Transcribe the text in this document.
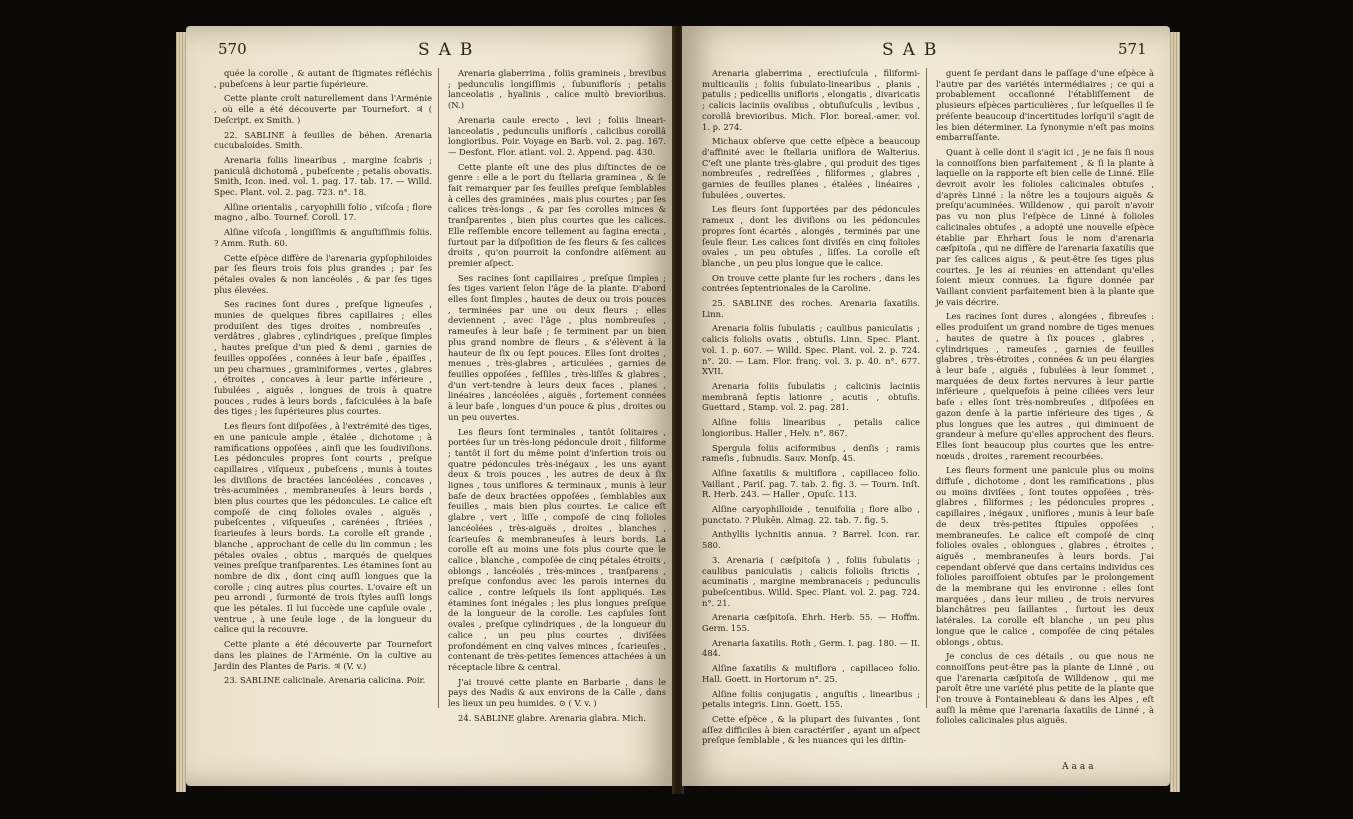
570	SAB

quée la corolle , & autant de ſtigmates réfléchis , pubeſcens à leur partie ſupérieure.

Cette plante croît naturellement dans l'Arménie , où elle a été découverte par Tournefort. ♃ ( Deſcript. ex Smith. )

22. SABLINE à feuilles de béhen. Arenaria cucubaloides. Smith.

Arenaria foliis linearibus , margine ſcabris ; paniculâ dichotomâ , pubeſcente ; petalis obovatis. Smith, Icon. ined. vol. 1. pag. 17. tab. 17. — Willd. Spec. Plant. vol. 2. pag. 723. n°. 18.

Alſine orientalis , caryophilli folio , viſcoſa ; flore magno , albo. Tournef. Coroll. 17.

Alſine viſcoſa , longiſſimis & anguſtiſſimis foliis. ? Amm. Ruth. 60.

Cette eſpèce diffère de l'arenaria gypſophiloides par ſes fleurs trois fois plus grandes ; par ſes pétales ovales & non lancéolés , & par ſes tiges plus élevées.

Ses racines ſont dures , preſque ligneuſes , munies de quelques fibres capillaires ; elles produiſent des tiges droites , nombreuſes , verdâtres , glabres , cylindriques , preſque ſimples , hautes preſque d'un pied & demi , garnies de feuilles oppoſées , connées à leur baſe , épaiſſes , un peu charnues , graminiformes , vertes , glabres , étroites , concaves à leur partie inférieure , ſubulées , aiguës , longues de trois à quatre pouces , rudes à leurs bords , faſciculées à la baſe des tiges ; les ſupérieures plus courtes.

Les fleurs ſont diſpoſées , à l'extrémité des tiges, en une panicule ample , étalée , dichotome ; à ramifications oppoſées , ainſi que les ſoudiviſions. Les pédoncules propres ſont courts , preſque capillaires , viſqueux , pubeſcens , munis à toutes les diviſions de bractées lancéolées , concaves , très-acuminées , membraneuſes à leurs bords , bien plus courtes que les pédoncules. Le calice eſt compoſé de cinq folioles ovales , aiguës , pubeſcentes , viſqueuſes , carénées , ſtriées , ſcarieuſes à leurs bords. La corolle eſt grande , blanche , approchant de celle du lin commun ; les pétales ovales , obtus , marqués de quelques veines preſque tranſparentes. Les étamines ſont au nombre de dix , dont cinq auſſi longues que la corolle ; cinq autres plus courtes. L'ovaire eſt un peu arrondi , ſurmonté de trois ſtyles auſſi longs que les pétales. Il lui ſuccède une capſule ovale , ventrue , à une ſeule loge , de la longueur du calice qui la recouvre.

Cette plante a été découverte par Tournefort dans les plaines de l'Arménie. On la cultive au Jardin des Plantes de Paris. ♃ (V. v.)

23. SABLINE calicinale. Arenaria calicina. Poir.

Arenaria glaberrima , foliis gramineis , brevibus ; pedunculis longiſſimis , ſubuniflorís ; petalis lanceolatis , hyalinis , calice multò brevioribus. (N.)

Arenaria caule erecto , levi ; foliis lineari-lanceolatis , pedunculis uniflorís , calicibus corollâ longioribus. Poir. Voyage en Barb. vol. 2. pag. 167. — Desfont. Flor. atlant. vol. 2. Append. pag. 430.

Cette plante eſt une des plus diſtinctes de ce genre : elle a le port du ſtellaria graminea , & ſe fait remarquer par ſes feuilles preſque ſemblables à celles des graminées , mais plus courtes ; par ſes calices très-longs , & par ſes corolles minces & tranſparentes , bien plus courtes que les calices. Elle reſſemble encore tellement au ſagina erecta , ſurtout par la diſpoſition de ſes fleurs & ſes calices droits , qu'on pourroit la confondre aiſément au premier aſpect.

Ses racines ſont capillaires , preſque ſimples ; ſes tiges varient ſelon l'âge de la plante. D'abord elles ſont ſimples , hautes de deux ou trois pouces , terminées par une ou deux fleurs ; elles deviennent , avec l'âge , plus nombreuſes , rameuſes à leur baſe ; ſe terminent par un bien plus grand nombre de fleurs , & s'élèvent à la hauteur de ſix ou ſept pouces. Elles ſont droites , menues , très-glabres , articulées , garnies de feuilles oppoſées , ſeſſiles , très-liſſes & glabres , d'un vert-tendre à leurs deux faces , planes , linéaires , lancéolées , aiguës , fortement connées à leur baſe , longues d'un pouce & plus , droites ou un peu ouvertes.

Les fleurs ſont terminales , tantôt ſolitaires , portées ſur un très-long pédoncule droit , filiforme ; tantôt il ſort du même point d'inſertion trois ou quatre pédoncules très-inégaux , les uns ayant deux & trois pouces , les autres de deux à ſix lignes , tous uniflores & terminaux , munis à leur baſe de deux bractées oppoſées , ſemblables aux feuilles , mais bien plus courtes. Le calice eſt glabre , vert , liſſe , compoſé de cinq folioles lancéolées , très-aiguës , droites , blanches , ſcarieuſes & membraneuſes à leurs bords. La corolle eſt au moins une fois plus courte que le calice , blanche , compoſée de cinq pétales étroits , oblongs , lancéolés , très-minces , tranſparens , preſque confondus avec les parois internes du calice , contre leſquels ils ſont appliqués. Les étamines ſont inégales ; les plus longues preſque de la longueur de la corolle. Les capſules ſont ovales , preſque cylindriques , de la longueur du calice , un peu plus courtes , diviſées profondément en cinq valves minces , ſcarieuſes , contenant de très-petites ſemences attachées à un réceptacle libre & central.

J'ai trouvé cette plante en Barbarie , dans le pays des Nadis & aux environs de la Calle , dans les lieux un peu humides. ⊙ ( V. v. )

24. SABLINE glabre. Arenaria glabra. Mich.

SAB	571

Arenaria glaberrima , erectiuſcula , filiformi-multicaulis ; foliis ſubulato-linearibus , planis , patulis ; pedicellis unifloris , elongatis , divaricatis ; calicis laciniis ovalibus , obtuſiuſculis , levibus , corollâ brevioribus. Mich. Flor. boreal.-amer. vol. 1. p. 274.

Michaux obſerve que cette eſpèce a beaucoup d'affinité avec le ſtellaria uniflora de Walterius. C'eſt une plante très-glabre , qui produit des tiges nombreuſes , redreſſées , filiformes , glabres , garnies de feuilles planes , étalées , linéaires , ſubulées , ouvertes.

Les fleurs ſont ſupportées par des pédoncules rameux , dont les diviſions ou les pédoncules propres ſont écartés , alongés , terminés par une ſeule fleur. Les calices ſont diviſés en cinq folioles ovales , un peu obtuſes , liſſes. La corolle eſt blanche , un peu plus longue que le calice.

On trouve cette plante ſur les rochers , dans les contrées ſeptentrionales de la Caroline.

25. SABLINE des roches. Arenaria ſaxatilis. Linn.

Arenaria foliis ſubulatis ; caulibus paniculatis ; calicis foliolis ovatis , obtuſis. Linn. Spec. Plant. vol. 1. p. 607. — Willd. Spec. Plant. vol. 2. p. 724. n°. 20. — Lam. Flor. franç. vol. 3. p. 40. n°. 677. XVII.

Arenaria foliis ſubulatis ; calicinis laciniis membranâ ſeptis lationre , acutis , obtuſis. Guettard , Stamp. vol. 2. pag. 281.

Alſine foliis linearibus , petalis calice longioribus. Haller , Helv. n°. 867.

Spergula foliis aciformibus , denſis ; ramis rameſis , ſubnudis. Sauv. Monſp. 45.

Alſine ſaxatilis & multiflora , capillaceo folio. Vaillant , Pariſ. pag. 7. tab. 2. fig. 3. — Tourn. Inſt. R. Herb. 243. — Haller , Opuſc. 113.

Alſine caryophilloide , tenuifolia ; flore albo , punctato. ? Plukēn. Almag. 22. tab. 7. fig. 5.

Anthyllis lychnitis annua. ? Barrel. Icon. rar. 580.

3. Arenaria ( cæſpitoſa ) , foliis ſubulatis ; caulibus paniculatis ; calicis foliolis ſtrictis , acuminatis , margine membranaceis ; pedunculis pubeſcentibus. Willd. Spec. Plant. vol. 2. pag. 724. n°. 21.

Arenaria cæſpitoſa. Ehrh. Herb. 55. — Hoffm. Germ. 155.

Arenaria ſaxatilis. Roth , Germ. I. pag. 180. — II. 484.

Alſine ſaxatilis & multiflora , capillaceo folio. Hall. Goett. in Hortorum n°. 25.

Alſine foliis conjugatis , anguſtis , linearibus ; petalis integris. Linn. Goett. 155.

Cette eſpèce , & la plupart des ſuivantes , ſont aſſez difficiles à bien caractériſer , ayant un aſpect preſque ſemblable , & les nuances qui les diſtin-

guent ſe perdant dans le paſſage d'une eſpèce à l'autre par des variétés intermédiaires ; ce qui a probablement occaſionné l'établiſſement de plusieurs eſpèces particulières , ſur leſquelles il ſe préſente beaucoup d'incertitudes lorſqu'il s'agit de les bien déterminer. La ſynonymie n'eſt pas moins embarraſſante.

Quant à celle dont il s'agit ici , je ne fais ſi nous la connoiſſons bien parfaitement , & ſi la plante à laquelle on la rapporte eſt bien celle de Linné. Elle devroit avoir les folioles calicinales obtuſes , d'après Linné : la nôtre les a toujours aiguës & preſqu'acuminées. Willdenow , qui paroît n'avoir pas vu non plus l'eſpèce de Linné à folioles calicinales obtuſes , a adopté une nouvelle eſpèce établie par Ehrhart ſous le nom d'arenaria cæſpitoſa , qui ne diffère de l'arenaria ſaxatilis que par ſes calices aigus , & peut-être ſes tiges plus courtes. Je les ai réunies en attendant qu'elles ſoient mieux connues. La figure donnée par Vaillant convient parfaitement bien à la plante que je vais décrire.

Les racines ſont dures , alongées , fibreuſes : elles produiſent un grand nombre de tiges menues , hautes de quatre à ſix pouces , glabres , cylindriques , rameuſes , garnies de feuilles glabres , très-étroites , connées & un peu élargies à leur baſe , aiguës , ſubulées à leur ſommet , marquées de deux fortes nervures à leur partie inférieure , quelquefois à peine ciliées vers leur baſe : elles ſont très-nombreuſes , diſpoſées en gazon denſe à la partie inférieure des tiges , & plus longues que les autres , qui diminuent de grandeur à meſure qu'elles approchent des fleurs. Elles ſont beaucoup plus courtes que les entre-nœuds , droites , rarement recourbées.

Les fleurs forment une panicule plus ou moins diffuſe , dichotome , dont les ramifications , plus ou moins diviſées , ſont toutes oppoſées , très-glabres , filiformes ; les pédoncules propres , capillaires , inégaux , uniflores , munis à leur baſe de deux très-petites ſtipules oppoſées , membraneuſes. Le calice eſt compoſé de cinq folioles ovales , oblongues , glabres , étroites , aiguës , membraneuſes à leurs bords. J'ai cependant obſervé que dans certains individus ces folioles paroiſſoient obtuſes par le prolongement de la membrane qui les environne : elles ſont marquées , dans leur milieu , de trois nervures blanchâtres peu ſaillantes , ſurtout les deux latérales. La corolle eſt blanche , un peu plus longue que le calice , compoſée de cinq pétales oblongs , obtus.

Je conclus de ces détails , ou que nous ne connoiſſons peut-être pas la plante de Linné , ou que l'arenaria cæſpitoſa de Willdenow , qui me paroît être une variété plus petite de la plante que l'on trouve à Fontainebleau & dans les Alpes , eſt auſſi la même que l'arenaria ſaxatilis de Linné , à folioles calicinales plus aiguës.

Aaaa
